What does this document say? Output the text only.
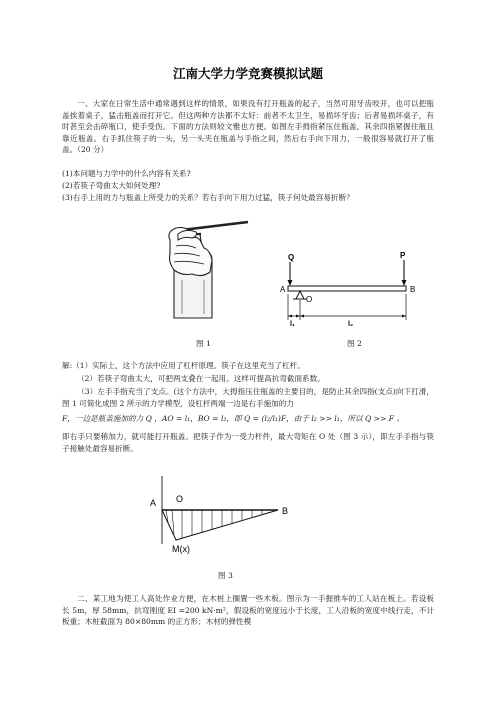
江南大学力学竞赛模拟试题

一、大家在日常生活中通常遇到这样的情景，如果没有打开瓶盖的起子，当然可用牙齿咬开，也可以把瓶盖挨着桌子，猛击瓶盖而打开它。但这两种方法都不太好：前者不太卫生，易损坏牙齿；后者易损坏桌子，有时甚至会击碎瓶口，使手受伤。下面的方法则较文雅也方便。如图左手拇指紧压住瓶盖，其余四指紧握住瓶且靠近瓶盖。右手抓住筷子的一头，另一头夹在瓶盖与手指之间，然后右手向下用力，一般很容易就打开了瓶盖。（20 分）

(1)本问题与力学中的什么内容有关系?
(2)若筷子弯曲太大如何处理?
(3)右手上用的力与瓶盖上所受力的关系？若右手向下用力过猛，筷子何处最容易折断？
Q	P
A	B
O
l₁	l₂
图 1	图 2
解:（1）实际上，这个方法中应用了杠杆原理。筷子在这里充当了杠杆。
（2）若筷子弯曲太大，可把两支叠在一起用。这样可提高抗弯截面系数。

（3）左手手指充当了支点。(这个方法中，大拇指压住瓶盖的主要目的，是防止其余四指(支点)向下打滑，图 1 可简化成图 2 所示的力学模型，设杠杆两端一边是右手施加的力

F，一边是瓶盖施加的力 Q ，AO = l₁，BO = l₂，即 Q = (l₂/l₁)F，由于 l₂ >> l₁，所以 Q >> F 。

即右手只要稍加力，就可能打开瓶盖。把筷子作为一受力杆件，最大弯矩在 O 处（图 3 示），即左手手指与筷子接触处最容易折断。

A O
B
M(x)
图 3

二、某工地为使工人高处作业方便，在木桩上搁置一些木板。图示为一手握推车的工人站在板上。若设板长 5m，厚 58mm，抗弯刚度 EI =200 kN·m²，假设板的宽度远小于长度，工人沿板的宽度中线行走，不计板重；木桩截面为 80×80mm 的正方形；木材的弹性模
